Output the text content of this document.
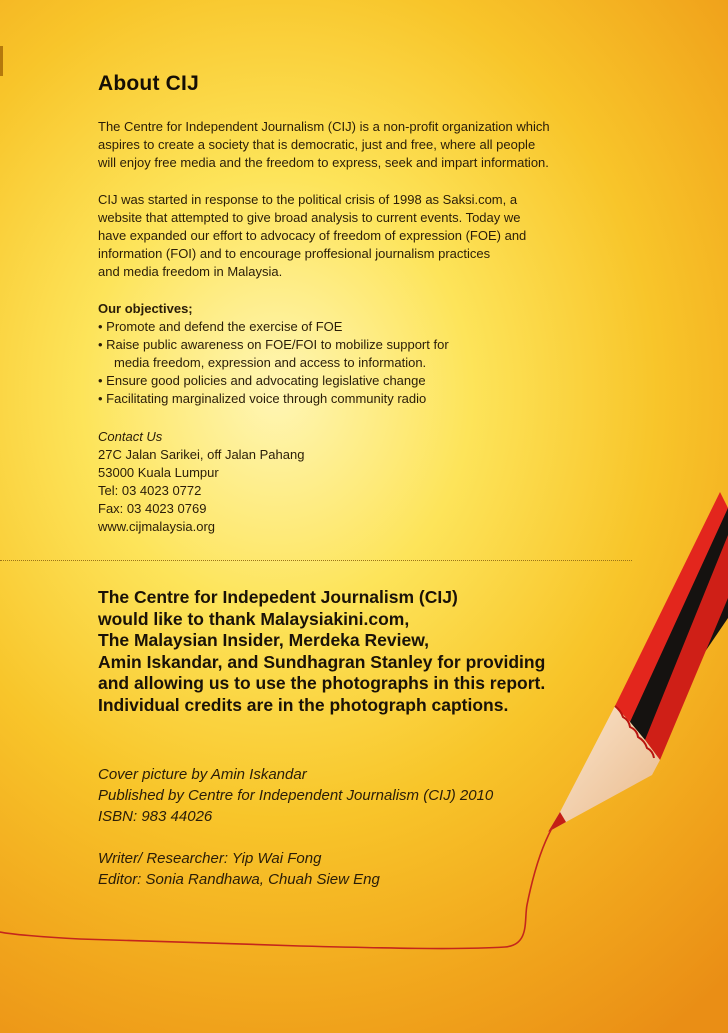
About CIJ

The Centre for Independent Journalism (CIJ) is a non-profit organization which
aspires to create a society that is democratic, just and free, where all people
will enjoy free media and the freedom to express, seek and impart information.

CIJ was started in response to the political crisis of 1998 as Saksi.com, a
website that attempted to give broad analysis to current events. Today we
have expanded our effort to advocacy of freedom of expression (FOE) and
information (FOI) and to encourage proffesional journalism practices
and media freedom in Malaysia.

Our objectives;
• Promote and defend the exercise of FOE
• Raise public awareness on FOE/FOI to mobilize support for
media freedom, expression and access to information.
• Ensure good policies and advocating legislative change
• Facilitating marginalized voice through community radio

Contact Us
27C Jalan Sarikei, off Jalan Pahang
53000 Kuala Lumpur
Tel: 03 4023 0772
Fax: 03 4023 0769
www.cijmalaysia.org

The Centre for Indepedent Journalism (CIJ)
would like to thank Malaysiakini.com,
The Malaysian Insider, Merdeka Review,
Amin Iskandar, and Sundhagran Stanley for providing
and allowing us to use the photographs in this report.
Individual credits are in the photograph captions.

Cover picture by Amin Iskandar
Published by Centre for Independent Journalism (CIJ) 2010
ISBN: 983 44026

Writer/ Researcher: Yip Wai Fong
Editor: Sonia Randhawa, Chuah Siew Eng
